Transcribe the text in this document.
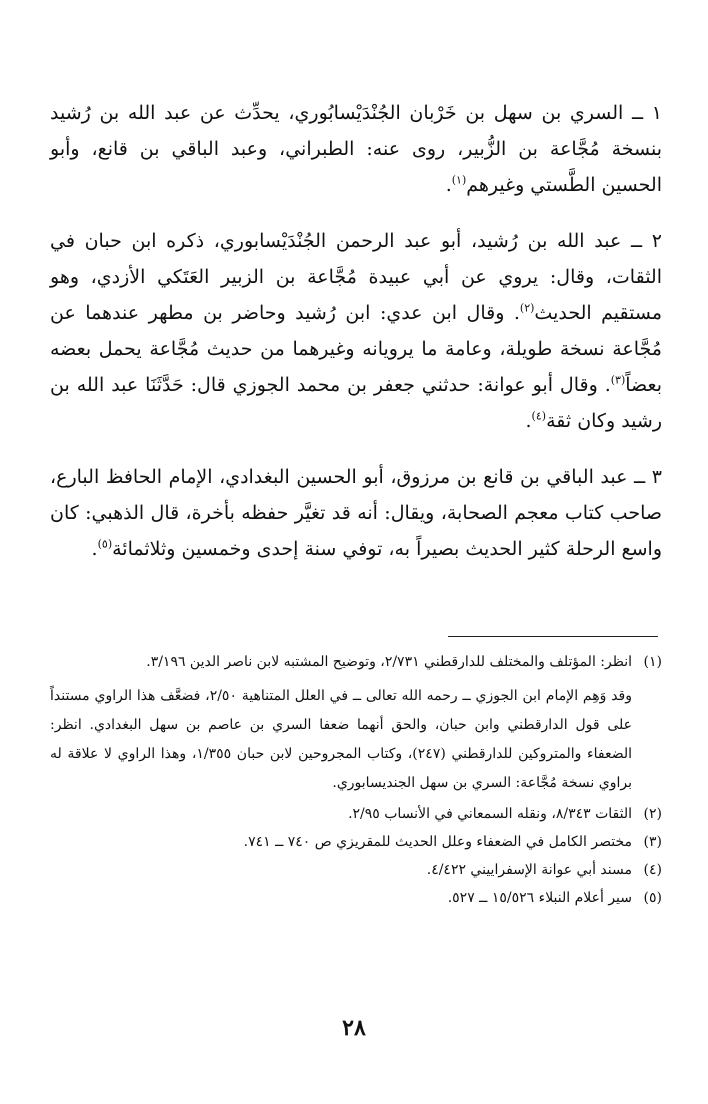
١ ــ السري بن سهل بن خَرْبان الجُنْدَيْسابُوري، يحدِّث عن عبد الله بن رُشيد بنسخة مُجَّاعة بن الزُّبير، روى عنه: الطبراني، وعبد الباقي بن قانع، وأبو الحسين الطَّستي وغيرهم$^{(١)}$.

٢ ــ عبد الله بن رُشيد، أبو عبد الرحمن الجُنْدَيْسابوري، ذكره ابن حبان في الثقات، وقال: يروي عن أبي عبيدة مُجَّاعة بن الزبير العَتَكي الأزدي، وهو مستقيم الحديث$^{(٢)}$. وقال ابن عدي: ابن رُشيد وحاضر بن مطهر عندهما عن مُجَّاعة نسخة طويلة، وعامة ما يرويانه وغيرهما من حديث مُجَّاعة يحمل بعضه بعضاً$^{(٣)}$. وقال أبو عوانة: حدثني جعفر بن محمد الجوزي قال: حَدَّثَنَا عبد الله بن رشيد وكان ثقة$^{(٤)}$.

٣ ــ عبد الباقي بن قانع بن مرزوق، أبو الحسين البغدادي، الإمام الحافظ البارع، صاحب كتاب معجم الصحابة، ويقال: أنه قد تغيَّر حفظه بأخرة، قال الذهبي: كان واسع الرحلة كثير الحديث بصيراً به، توفي سنة إحدى وخمسين وثلاثمائة$^{(٥)}$.

(١)انظر: المؤتلف والمختلف للدارقطني ٢/٧٣١، وتوضيح المشتبه لابن ناصر الدين ٣/١٩٦.

وقد وَهِم الإمام ابن الجوزي ــ رحمه الله تعالى ــ في العلل المتناهية ٢/٥٠، فضعَّف هذا الراوي مستنداً على قول الدارقطني وابن حبان، والحق أنهما ضعفا السري بن عاصم بن سهل البغدادي. انظر: الضعفاء والمتروكين للدارقطني (٢٤٧)، وكتاب المجروحين لابن حبان ١/٣٥٥، وهذا الراوي لا علاقة له براوي نسخة مُجَّاعة: السري بن سهل الجنديسابوري.

(٢)الثقات ٨/٣٤٣، ونقله السمعاني في الأنساب ٢/٩٥.

(٣)مختصر الكامل في الضعفاء وعلل الحديث للمقريزي ص ٧٤٠ ــ ٧٤١.

(٤)مسند أبي عوانة الإسفراييني ٤/٤٢٢.

(٥)سير أعلام النبلاء ١٥/٥٢٦ ــ ٥٢٧.

٢٨
